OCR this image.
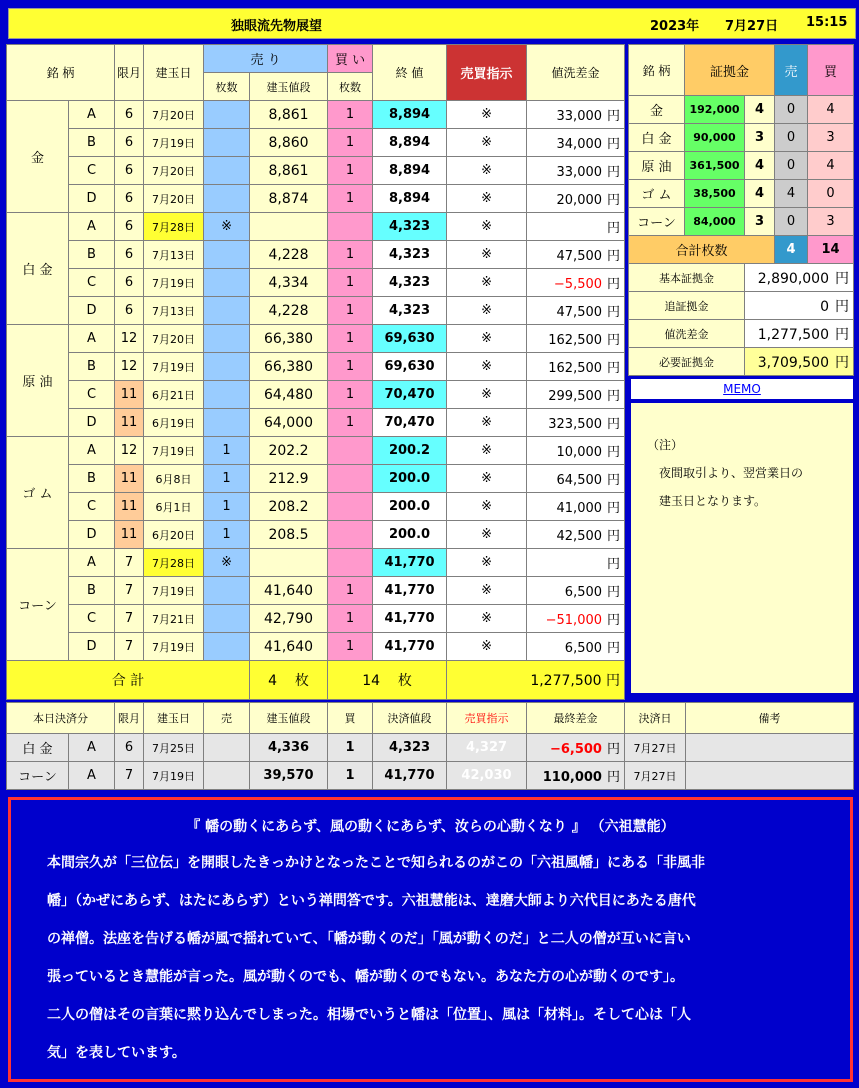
独眼流先物展望	2023年 7月27日 15:15
銘 柄		限月	建玉日	売 り		買 い	終 値	売買指示	値洗差金
				枚数	建玉値段	枚数			
金	A	6	7月20日		8,861	1	8,894	※	33,000 円
	B	6	7月19日		8,860	1	8,894	※	34,000 円
	C	6	7月20日		8,861	1	8,894	※	33,000 円
	D	6	7月20日		8,874	1	8,894	※	20,000 円
白 金	A	6	7月28日	※			4,323	※	円
	B	6	7月13日		4,228	1	4,323	※	47,500 円
	C	6	7月19日		4,334	1	4,323	※	−5,500 円
	D	6	7月13日		4,228	1	4,323	※	47,500 円
原 油	A	12	7月20日		66,380	1	69,630	※	162,500 円
	B	12	7月19日		66,380	1	69,630	※	162,500 円
	C	11	6月21日		64,480	1	70,470	※	299,500 円
	D	11	6月19日		64,000	1	70,470	※	323,500 円
ゴ ム	A	12	7月19日	1	202.2		200.2	※	10,000 円
	B	11	6月8日	1	212.9		200.0	※	64,500 円
	C	11	6月1日	1	208.2		200.0	※	41,000 円
	D	11	6月20日	1	208.5		200.0	※	42,500 円
コーン	A	7	7月28日	※			41,770	※	円
	B	7	7月19日		41,640	1	41,770	※	6,500 円
	C	7	7月21日		42,790	1	41,770	※	−51,000 円
	D	7	7月19日		41,640	1	41,770	※	6,500 円
合 計					4 枚	14 枚		1,277,500 円	
銘 柄	証拠金		売	買
金	192,000	4	0	4
白 金	90,000	3	0	3
原 油	361,500	4	0	4
ゴ ム	38,500	4	4	0
コーン	84,000	3	0	3
合計枚数			4	14
基本証拠金		2,890,000 円		
追証拠金		0 円		
値洗差金		1,277,500 円		
必要証拠金		3,709,500 円		
MEMO
（注）
夜間取引より、翌営業日の
建玉日となります。
本日決済分		限月	建玉日	売	建玉値段	買	決済値段	売買指示	最終差金	決済日	備考
白 金	A	6	7月25日		4,336	1	4,323	4,327	−6,500 円	7月27日	
コーン	A	7	7月19日		39,570	1	41,770	42,030	110,000 円	7月27日	
『 幡の動くにあらず、風の動くにあらず、汝らの心動くなり 』 （六祖慧能）
本間宗久が「三位伝」を開眼したきっかけとなったことで知られるのがこの「六祖風幡」にある「非風非
幡」（かぜにあらず、はたにあらず）という禅問答です。六祖慧能は、達磨大師より六代目にあたる唐代
の禅僧。法座を告げる幡が風で揺れていて、「幡が動くのだ」「風が動くのだ」と二人の僧が互いに言い
張っているとき慧能が言った。風が動くのでも、幡が動くのでもない。あなた方の心が動くのです」。
二人の僧はその言葉に黙り込んでしまった。相場でいうと幡は「位置」、風は「材料」。そして心は「人
気」を表しています。
